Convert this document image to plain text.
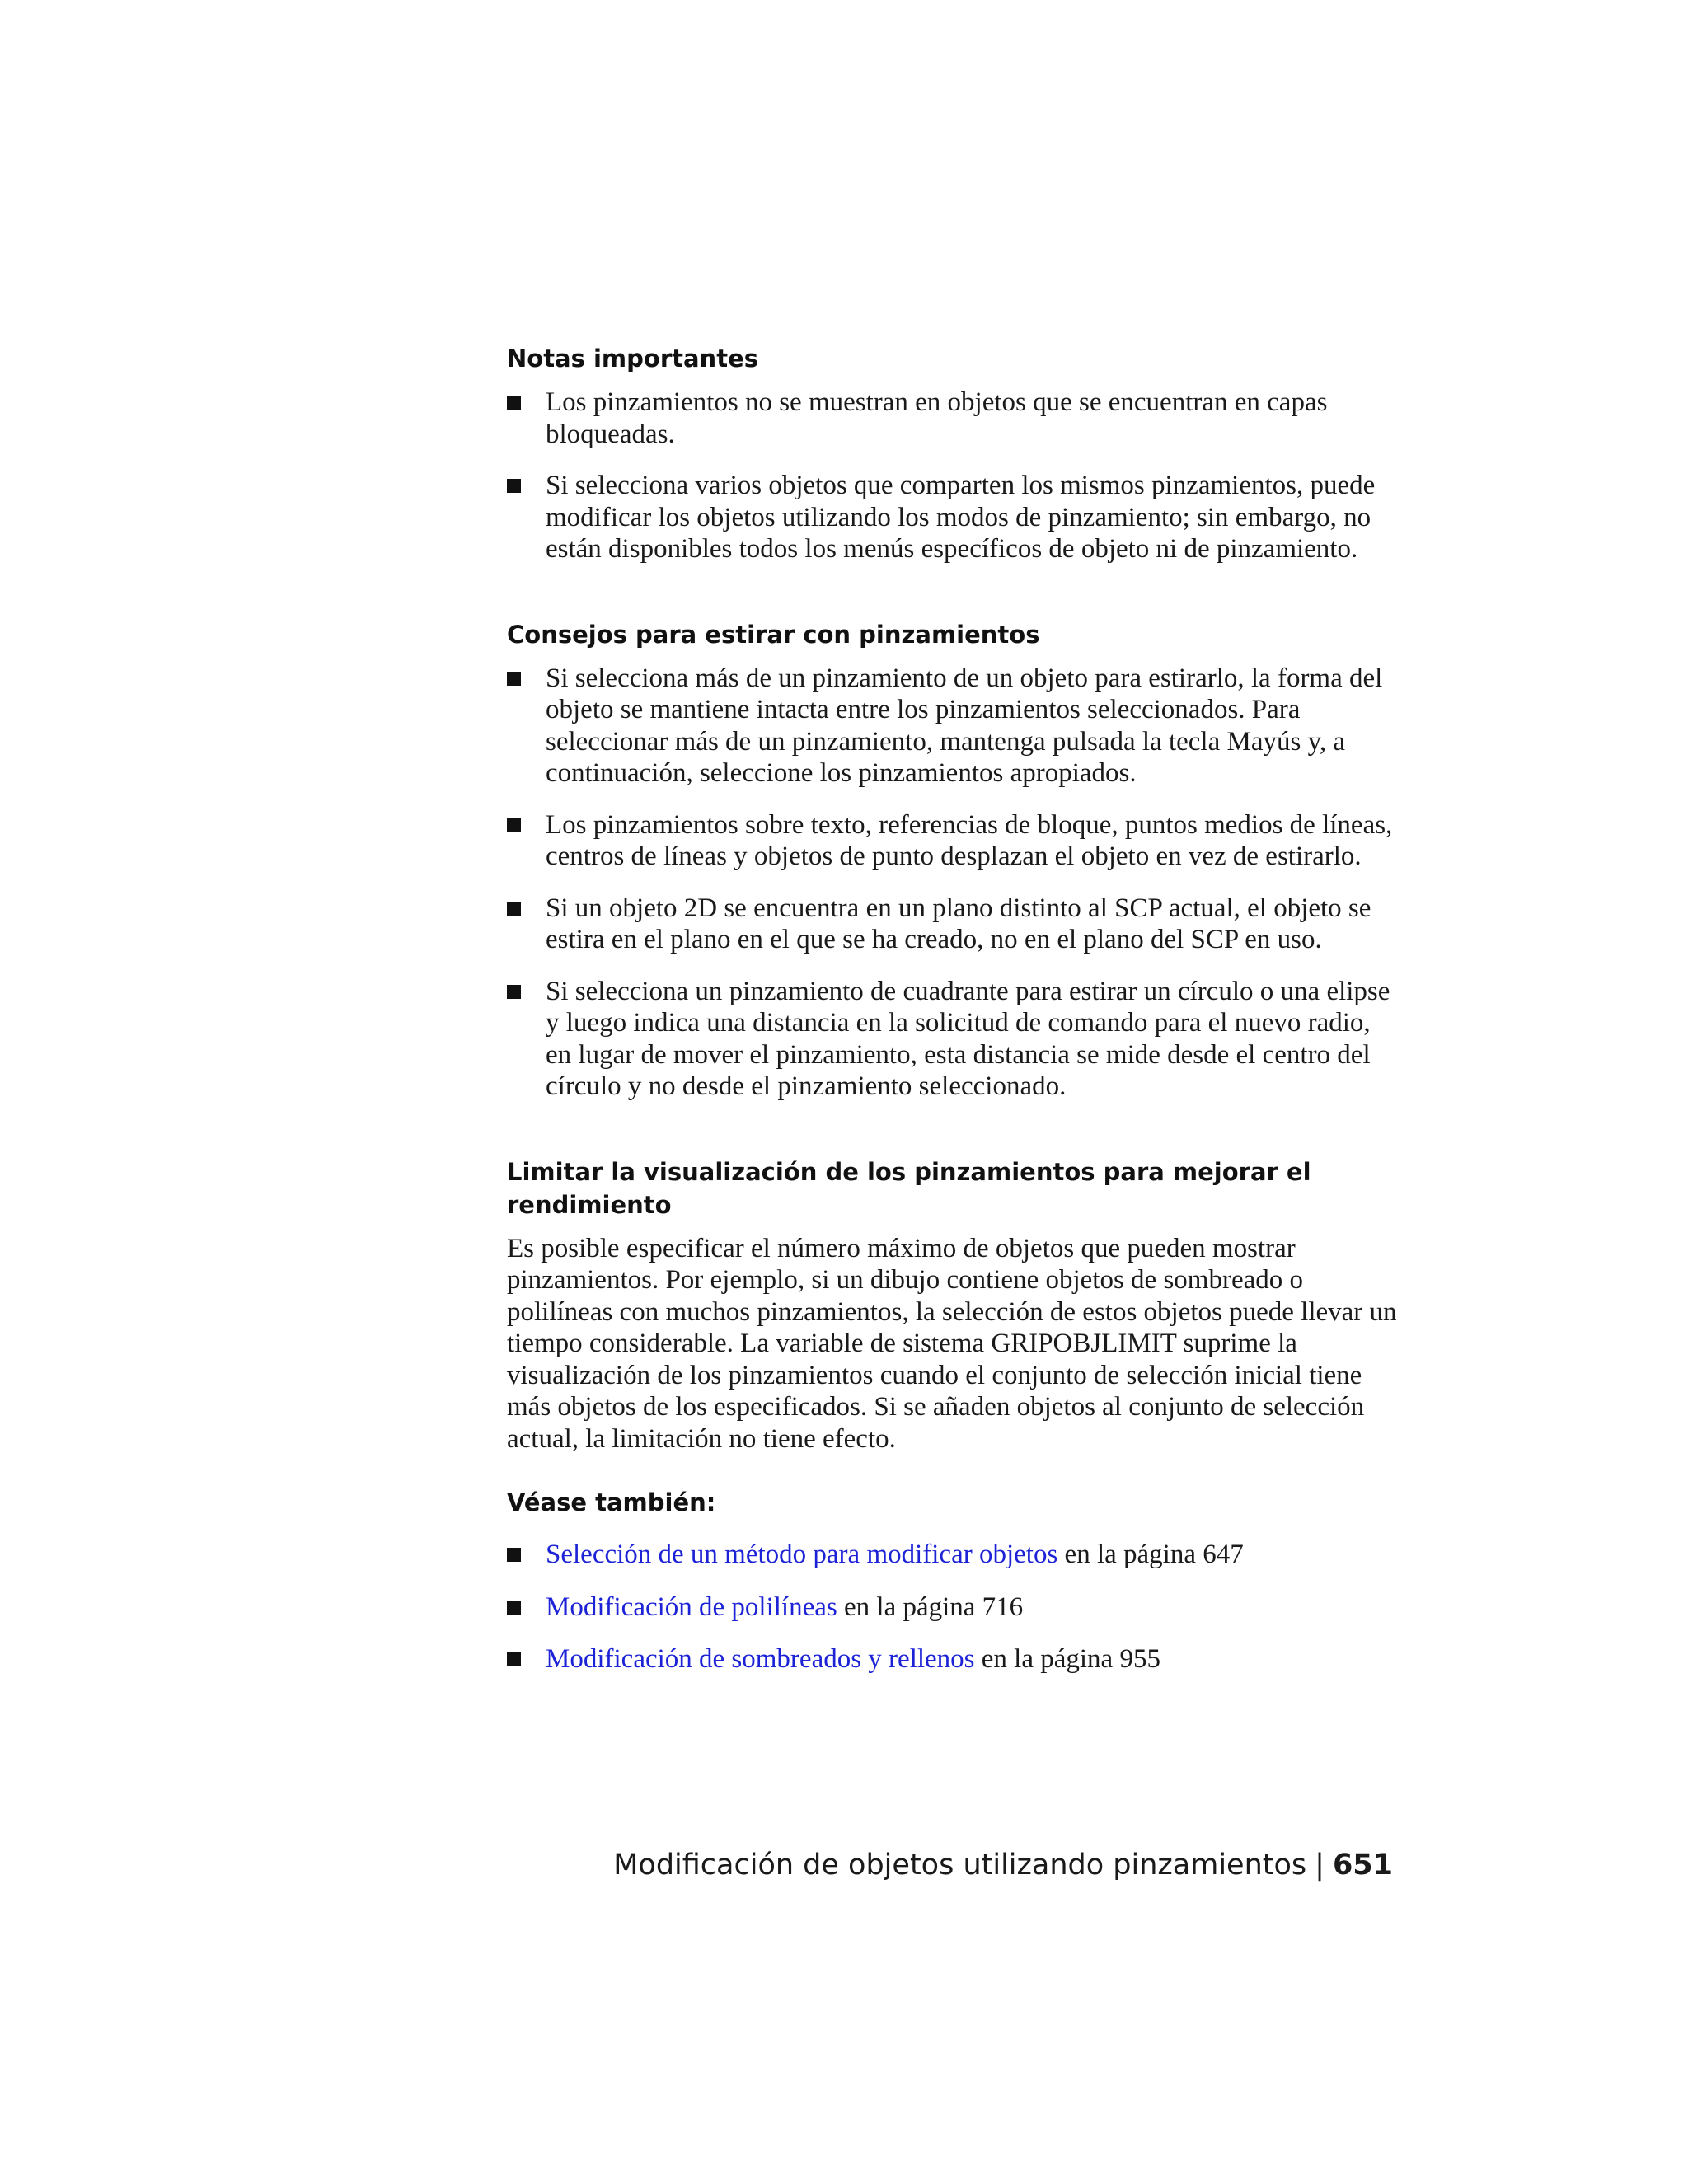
Notas importantes
Los pinzamientos no se muestran en objetos que se encuentran en capas bloqueadas.
Si selecciona varios objetos que comparten los mismos pinzamientos, puede modificar los objetos utilizando los modos de pinzamiento; sin embargo, no están disponibles todos los menús específicos de objeto ni de pinzamiento.
Consejos para estirar con pinzamientos
Si selecciona más de un pinzamiento de un objeto para estirarlo, la forma del objeto se mantiene intacta entre los pinzamientos seleccionados. Para seleccionar más de un pinzamiento, mantenga pulsada la tecla Mayús y, a continuación, seleccione los pinzamientos apropiados.
Los pinzamientos sobre texto, referencias de bloque, puntos medios de líneas, centros de líneas y objetos de punto desplazan el objeto en vez de estirarlo.
Si un objeto 2D se encuentra en un plano distinto al SCP actual, el objeto se estira en el plano en el que se ha creado, no en el plano del SCP en uso.
Si selecciona un pinzamiento de cuadrante para estirar un círculo o una elipse y luego indica una distancia en la solicitud de comando para el nuevo radio, en lugar de mover el pinzamiento, esta distancia se mide desde el centro del círculo y no desde el pinzamiento seleccionado.
Limitar la visualización de los pinzamientos para mejorar el rendimiento

Es posible especificar el número máximo de objetos que pueden mostrar pinzamientos. Por ejemplo, si un dibujo contiene objetos de sombreado o polilíneas con muchos pinzamientos, la selección de estos objetos puede llevar un tiempo considerable. La variable de sistema GRIPOBJLIMIT suprime la visualización de los pinzamientos cuando el conjunto de selección inicial tiene más objetos de los especificados. Si se añaden objetos al conjunto de selección actual, la limitación no tiene efecto.

Véase también:
Selección de un método para modificar objetos en la página 647
Modificación de polilíneas en la página 716
Modificación de sombreados y rellenos en la página 955
Modificación de objetos utilizando pinzamientos | 651
